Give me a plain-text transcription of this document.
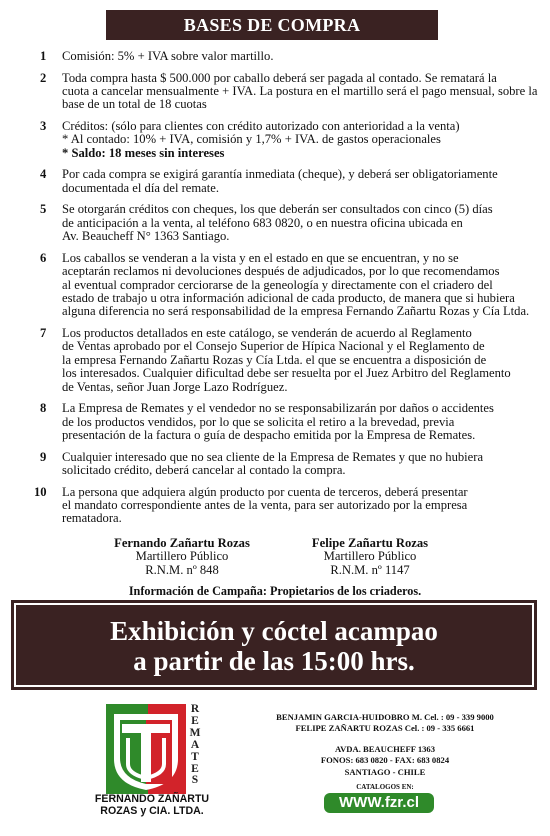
BASES DE COMPRA
1 Comisión: 5% + IVA sobre valor martillo.
2 Toda compra hasta $ 500.000 por caballo deberá ser pagada al contado. Se rematará la
cuota a cancelar mensualmente + IVA. La postura en el martillo será el pago mensual, sobre la
base de un total de 18 cuotas
3 Créditos: (sólo para clientes con crédito autorizado con anterioridad a la venta)
* Al contado: 10% + IVA, comisión y 1,7% + IVA. de gastos operacionales
* Saldo: 18 meses sin intereses
4 Por cada compra se exigirá garantía inmediata (cheque), y deberá ser obligatoriamente
documentada el día del remate.
5 Se otorgarán créditos con cheques, los que deberán ser consultados con cinco (5) días
de anticipación a la venta, al teléfono 683 0820, o en nuestra oficina ubicada en
Av. Beaucheff N° 1363 Santiago.
6 Los caballos se venderan a la vista y en el estado en que se encuentran, y no se
aceptarán reclamos ni devoluciones después de adjudicados, por lo que recomendamos
al eventual comprador cerciorarse de la geneología y directamente con el criadero del
estado de trabajo u otra información adicional de cada producto, de manera que si hubiera
alguna diferencia no será responsabilidad de la empresa Fernando Zañartu Rozas y Cía Ltda.
7 Los productos detallados en este catálogo, se venderán de acuerdo al Reglamento
de Ventas aprobado por el Consejo Superior de Hípica Nacional y el Reglamento de
la empresa Fernando Zañartu Rozas y Cía Ltda. el que se encuentra a disposición de
los interesados. Cualquier dificultad debe ser resuelta por el Juez Arbitro del Reglamento
de Ventas, señor Juan Jorge Lazo Rodríguez.
8 La Empresa de Remates y el vendedor no se responsabilizarán por daños o accidentes
de los productos vendidos, por lo que se solicita el retiro a la brevedad, previa
presentación de la factura o guía de despacho emitida por la Empresa de Remates.
9 Cualquier interesado que no sea cliente de la Empresa de Remates y que no hubiera
solicitado crédito, deberá cancelar al contado la compra.
10 La persona que adquiera algún producto por cuenta de terceros, deberá presentar
el mandato correspondiente antes de la venta, para ser autorizado por la empresa
rematadora.
Fernando Zañartu Rozas
Martillero Público
R.N.M. nº 848
Felipe Zañartu Rozas
Martillero Público
R.N.M. nº 1147
Información de Campaña: Propietarios de los criaderos.
Exhibición y cóctel acampao
a partir de las 15:00 hrs.
R
E
M
A
T
E
S
FERNANDO ZAÑARTU
ROZAS y CIA. LTDA.
BENJAMIN GARCIA-HUIDOBRO M. Cel. : 09 - 339 9000
FELIPE ZAÑARTU ROZAS Cel. : 09 - 335 6661
AVDA. BEAUCHEFF 1363
FONOS: 683 0820 - FAX: 683 0824
SANTIAGO - CHILE
CATALOGOS EN:
WWW.fzr.cl
